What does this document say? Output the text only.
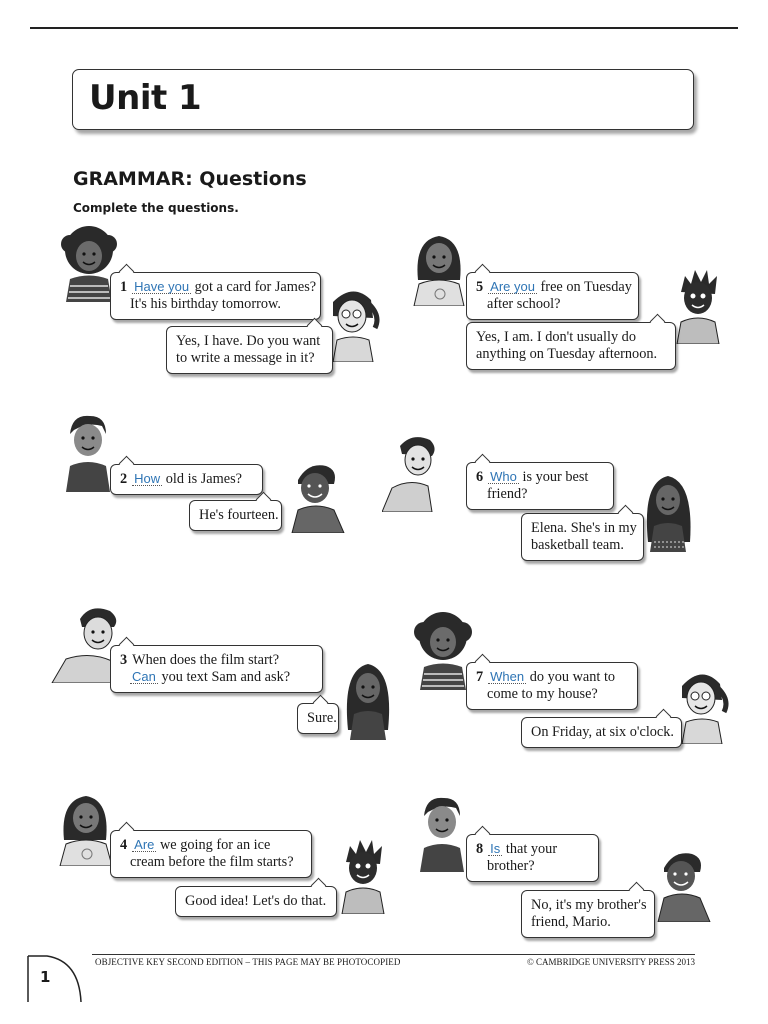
Unit 1
GRAMMAR: Questions
Complete the questions.
1 Have you got a card for James?
It's his birthday tomorrow.
Yes, I have. Do you want
to write a message in it?
2 How old is James?
He's fourteen.
3 When does the film start?
Can you text Sam and ask?
Sure.
4 Are we going for an ice
cream before the film starts?
Good idea! Let's do that.
5 Are you free on Tuesday
after school?
Yes, I am. I don't usually do
anything on Tuesday afternoon.
6 Who is your best
friend?
Elena. She's in my
basketball team.
7 When do you want to
come to my house?
On Friday, at six o'clock.
8 Is that your
brother?
No, it's my brother's
friend, Mario.
OBJECTIVE KEY SECOND EDITION – THIS PAGE MAY BE PHOTOCOPIED	© CAMBRIDGE UNIVERSITY PRESS 2013
1
